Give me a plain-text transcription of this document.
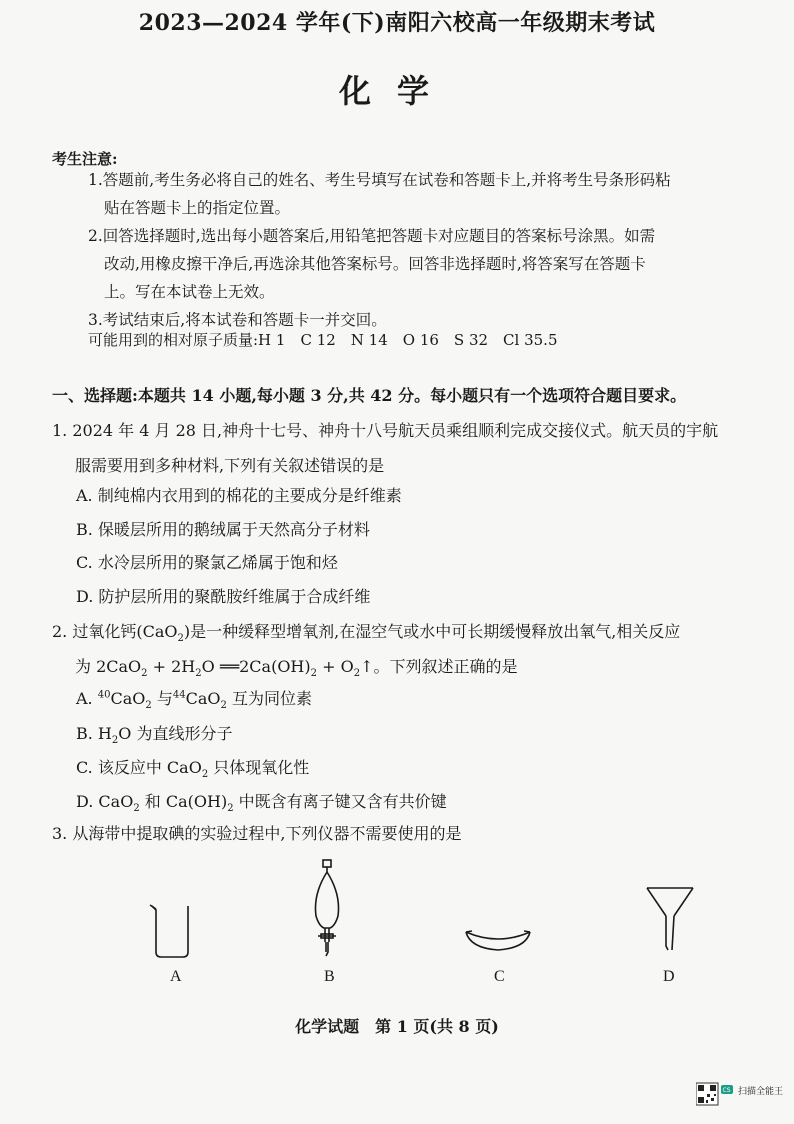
2023—2024 学年(下)南阳六校高一年级期末考试
化学
考生注意:
1.答题前,考生务必将自己的姓名、考生号填写在试卷和答题卡上,并将考生号条形码粘
贴在答题卡上的指定位置。
2.回答选择题时,选出每小题答案后,用铅笔把答题卡对应题目的答案标号涂黑。如需
改动,用橡皮擦干净后,再选涂其他答案标号。回答非选择题时,将答案写在答题卡
上。写在本试卷上无效。
3.考试结束后,将本试卷和答题卡一并交回。
可能用到的相对原子质量:H 1　C 12　N 14　O 16　S 32　Cl 35.5
一、选择题:本题共 14 小题,每小题 3 分,共 42 分。每小题只有一个选项符合题目要求。
1. 2024 年 4 月 28 日,神舟十七号、神舟十八号航天员乘组顺利完成交接仪式。航天员的宇航
服需要用到多种材料,下列有关叙述错误的是
A. 制纯棉内衣用到的棉花的主要成分是纤维素
B. 保暖层所用的鹅绒属于天然高分子材料
C. 水冷层所用的聚氯乙烯属于饱和烃
D. 防护层所用的聚酰胺纤维属于合成纤维
2. 过氧化钙(CaO$_2$)是一种缓释型增氧剂,在湿空气或水中可长期缓慢释放出氧气,相关反应
为 $2CaO_2 + 2H_2O$ $══2Ca(OH)_2$ + $O_2↑$。下列叙述正确的是
A. $^{40}$CaO$_2$ 与$^{44}$CaO$_2$ 互为同位素
B. $H_2O$ 为直线形分子
C. 该反应中 CaO$_2$ 只体现氧化性
D. CaO$_2$ 和 $Ca(OH)_2$ 中既含有离子键又含有共价键
3. 从海带中提取碘的实验过程中,下列仪器不需要使用的是
A	B	C	D
化学试题　第 1 页(共 8 页)
CS 扫描全能王
